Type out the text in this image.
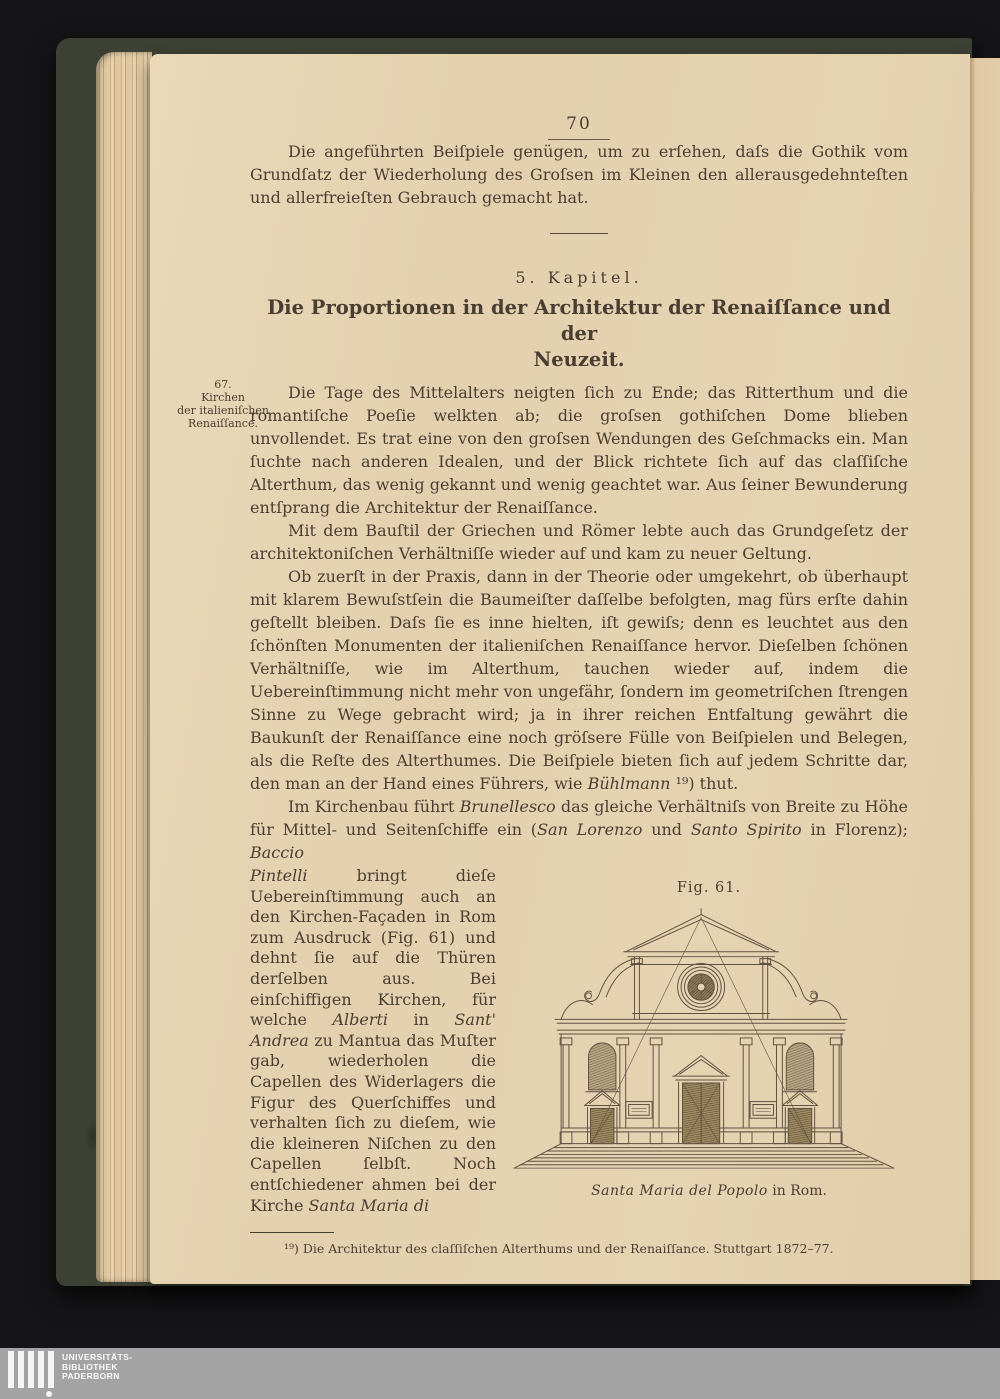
67.
Kirchen
der italieniſchen
Renaiſſance.
70

Die angeführten Beiſpiele genügen, um zu erſehen, daſs die Gothik vom Grundſatz der Wiederholung des Groſsen im Kleinen den allerausgedehnteſten und allerfreieſten Gebrauch gemacht hat.

5. Kapitel.
Die Proportionen in der Architektur der Renaiſſance und der
Neuzeit.

Die Tage des Mittelalters neigten ſich zu Ende; das Ritterthum und die romantiſche Poeſie welkten ab; die groſsen gothiſchen Dome blieben unvollendet. Es trat eine von den groſsen Wendungen des Geſchmacks ein. Man ſuchte nach anderen Idealen, und der Blick richtete ſich auf das claſſiſche Alterthum, das wenig gekannt und wenig geachtet war. Aus ſeiner Bewunderung entſprang die Architektur der Renaiſſance.

Mit dem Bauſtil der Griechen und Römer lebte auch das Grundgeſetz der architektoniſchen Verhältniſſe wieder auf und kam zu neuer Geltung.

Ob zuerſt in der Praxis, dann in der Theorie oder umgekehrt, ob überhaupt mit klarem Bewuſstſein die Baumeiſter daſſelbe befolgten, mag fürs erſte dahin geſtellt bleiben. Daſs ſie es inne hielten, iſt gewiſs; denn es leuchtet aus den ſchönſten Monumenten der italieniſchen Renaiſſance hervor. Dieſelben ſchönen Verhältniſſe, wie im Alterthum, tauchen wieder auf, indem die Uebereinſtimmung nicht mehr von ungefähr, ſondern im geometriſchen ſtrengen Sinne zu Wege gebracht wird; ja in ihrer reichen Entfaltung gewährt die Baukunſt der Renaiſſance eine noch gröſsere Fülle von Beiſpielen und Belegen, als die Reſte des Alterthumes. Die Beiſpiele bieten ſich auf jedem Schritte dar, den man an der Hand eines Führers, wie Bühlmann ¹⁹) thut.

Im Kirchenbau führt Brunellesco das gleiche Verhältniſs von Breite zu Höhe für Mittel- und Seitenſchiffe ein (San Lorenzo und Santo Spirito in Florenz); Baccio

Pintelli bringt dieſe Uebereinſtimmung auch an den Kirchen-Façaden in Rom zum Ausdruck (Fig. 61) und dehnt ſie auf die Thüren derſelben aus. Bei einſchiffigen Kirchen, für welche Alberti in Sant' Andrea zu Mantua das Muſter gab, wiederholen die Capellen des Widerlagers die Figur des Querſchiffes und verhalten ſich zu dieſem, wie die kleineren Niſchen zu den Capellen ſelbſt. Noch entſchiedener ahmen bei der Kirche Santa Maria di
Fig. 61.
Santa Maria del Popolo in Rom.

¹⁹) Die Architektur des claſſiſchen Alterthums und der Renaiſſance. Stuttgart 1872–77.

UNIVERSITÄTS-
BIBLIOTHEK
PADERBORN
